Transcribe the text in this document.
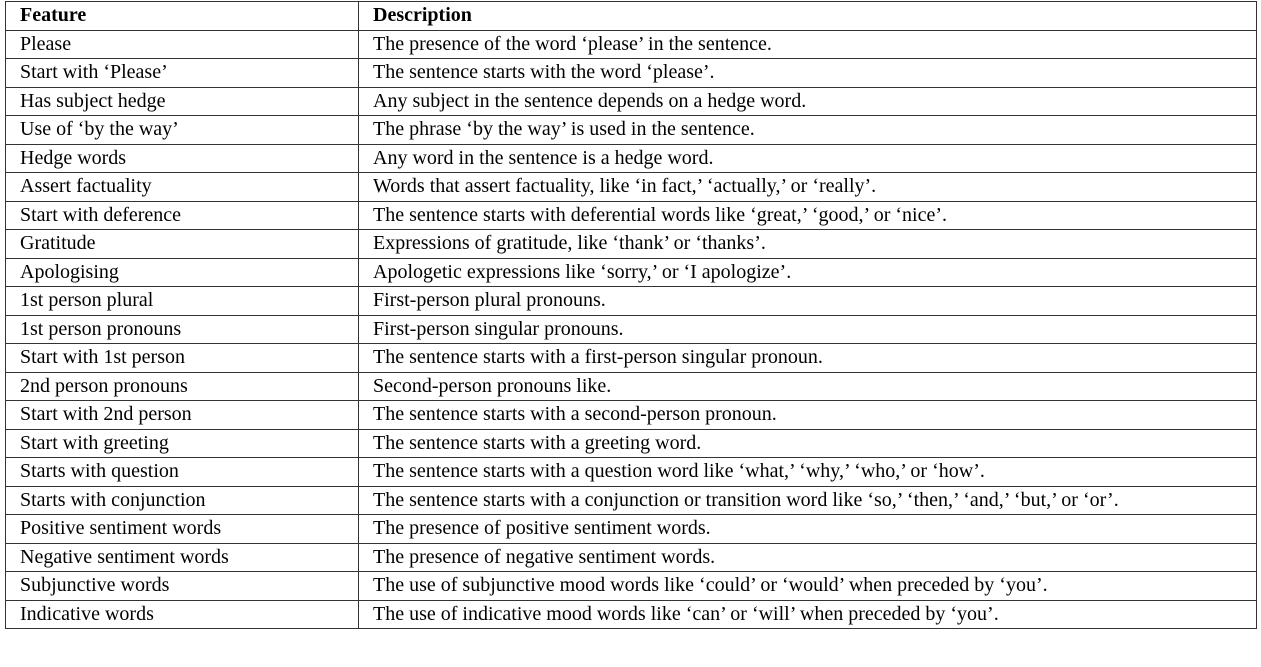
Feature	Description
Please	The presence of the word ‘please’ in the sentence.
Start with ‘Please’	The sentence starts with the word ‘please’.
Has subject hedge	Any subject in the sentence depends on a hedge word.
Use of ‘by the way’	The phrase ‘by the way’ is used in the sentence.
Hedge words	Any word in the sentence is a hedge word.
Assert factuality	Words that assert factuality, like ‘in fact,’ ‘actually,’ or ‘really’.
Start with deference	The sentence starts with deferential words like ‘great,’ ‘good,’ or ‘nice’.
Gratitude	Expressions of gratitude, like ‘thank’ or ‘thanks’.
Apologising	Apologetic expressions like ‘sorry,’ or ‘I apologize’.
1st person plural	First-person plural pronouns.
1st person pronouns	First-person singular pronouns.
Start with 1st person	The sentence starts with a first-person singular pronoun.
2nd person pronouns	Second-person pronouns like.
Start with 2nd person	The sentence starts with a second-person pronoun.
Start with greeting	The sentence starts with a greeting word.
Starts with question	The sentence starts with a question word like ‘what,’ ‘why,’ ‘who,’ or ‘how’.
Starts with conjunction	The sentence starts with a conjunction or transition word like ‘so,’ ‘then,’ ‘and,’ ‘but,’ or ‘or’.
Positive sentiment words	The presence of positive sentiment words.
Negative sentiment words	The presence of negative sentiment words.
Subjunctive words	The use of subjunctive mood words like ‘could’ or ‘would’ when preceded by ‘you’.
Indicative words	The use of indicative mood words like ‘can’ or ‘will’ when preceded by ‘you’.
